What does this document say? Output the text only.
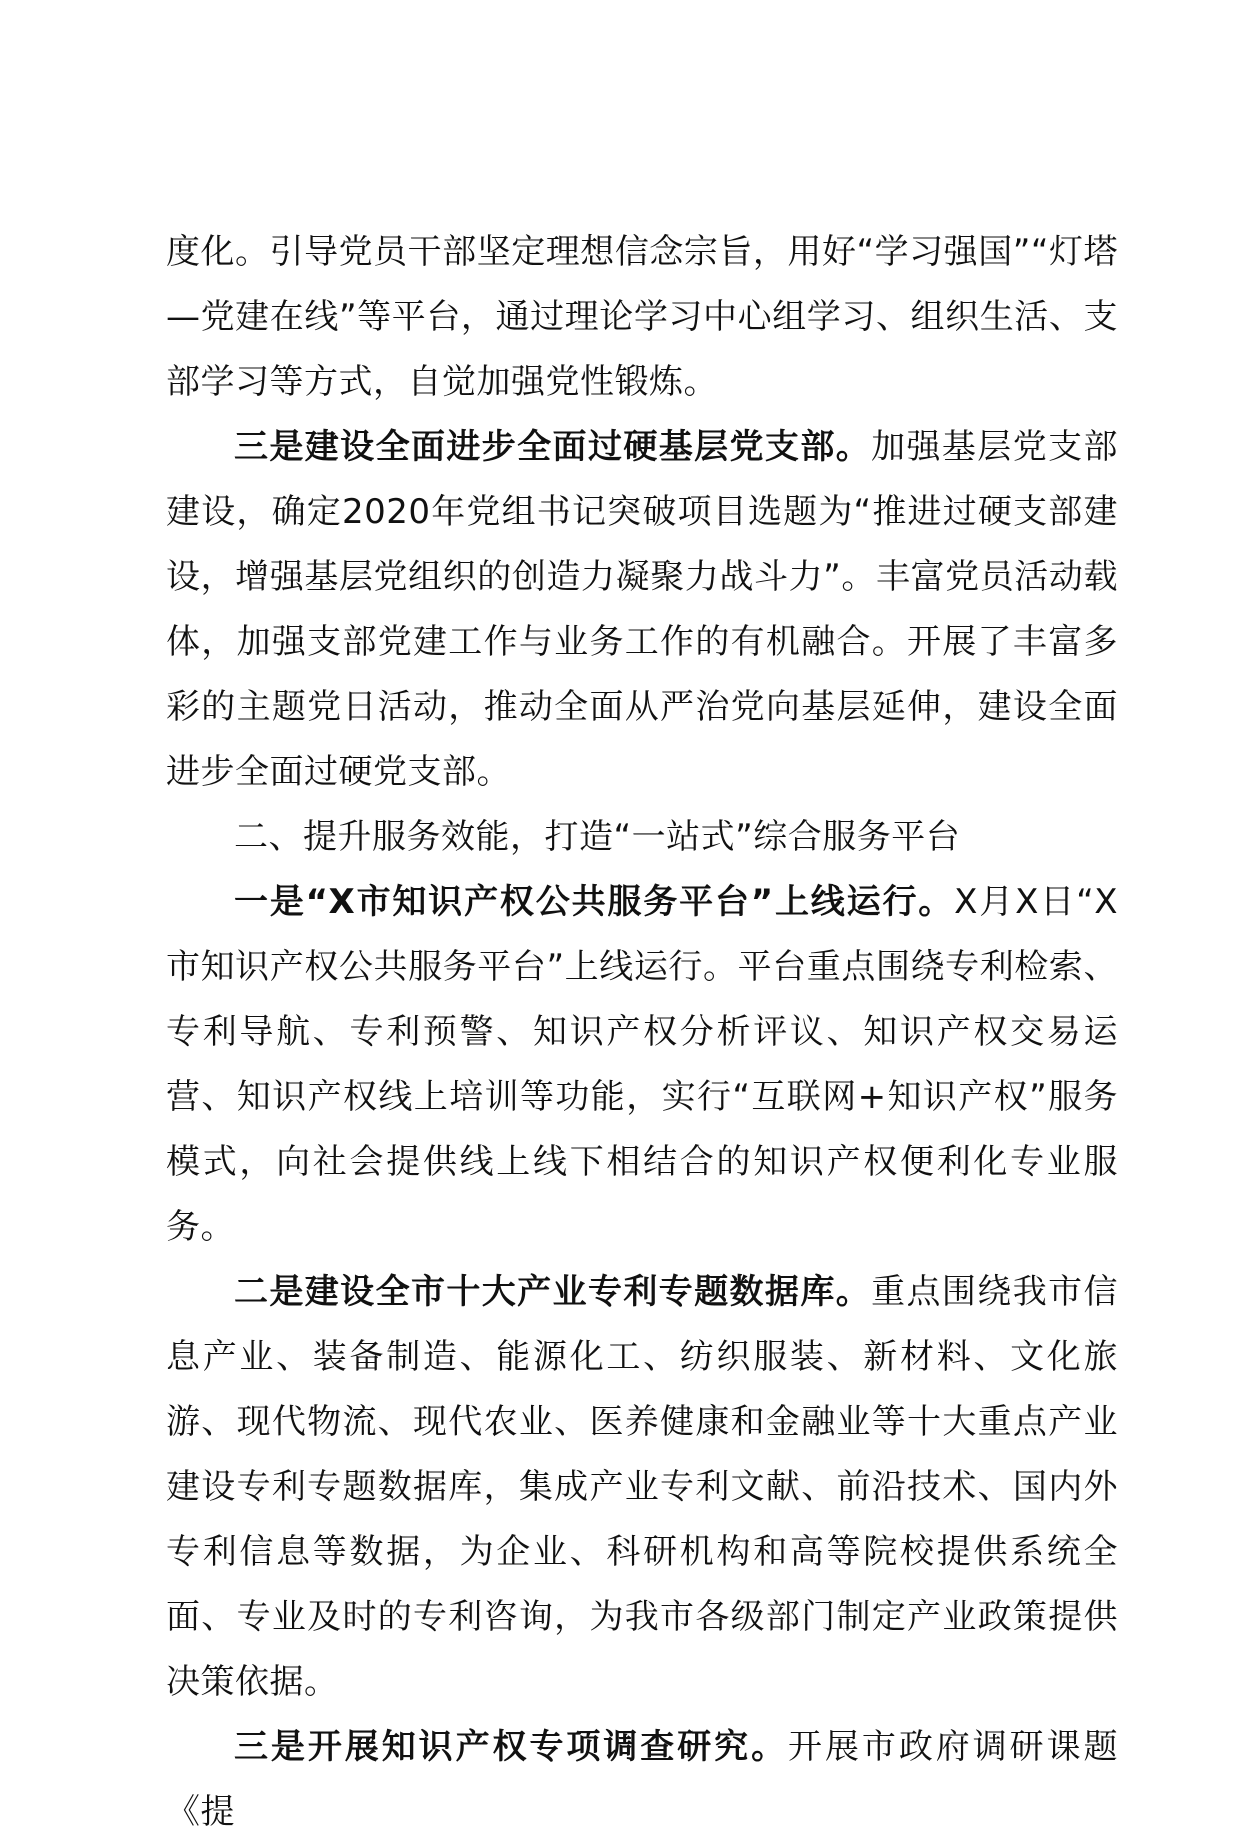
度化。引导党员干部坚定理想信念宗旨，用好“学习强国”“灯塔—党建在线”等平台，通过理论学习中心组学习、组织生活、支部学习等方式，自觉加强党性锻炼。

三是建设全面进步全面过硬基层党支部。加强基层党支部建设，确定2020年党组书记突破项目选题为“推进过硬支部建设，增强基层党组织的创造力凝聚力战斗力”。丰富党员活动载体，加强支部党建工作与业务工作的有机融合。开展了丰富多彩的主题党日活动，推动全面从严治党向基层延伸，建设全面进步全面过硬党支部。

二、提升服务效能，打造“一站式”综合服务平台

一是“X市知识产权公共服务平台”上线运行。X月X日“X市知识产权公共服务平台”上线运行。平台重点围绕专利检索、专利导航、专利预警、知识产权分析评议、知识产权交易运营、知识产权线上培训等功能，实行“互联网+知识产权”服务模式，向社会提供线上线下相结合的知识产权便利化专业服务。

二是建设全市十大产业专利专题数据库。重点围绕我市信息产业、装备制造、能源化工、纺织服装、新材料、文化旅游、现代物流、现代农业、医养健康和金融业等十大重点产业建设专利专题数据库，集成产业专利文献、前沿技术、国内外专利信息等数据，为企业、科研机构和高等院校提供系统全面、专业及时的专利咨询，为我市各级部门制定产业政策提供决策依据。

三是开展知识产权专项调查研究。开展市政府调研课题《提
